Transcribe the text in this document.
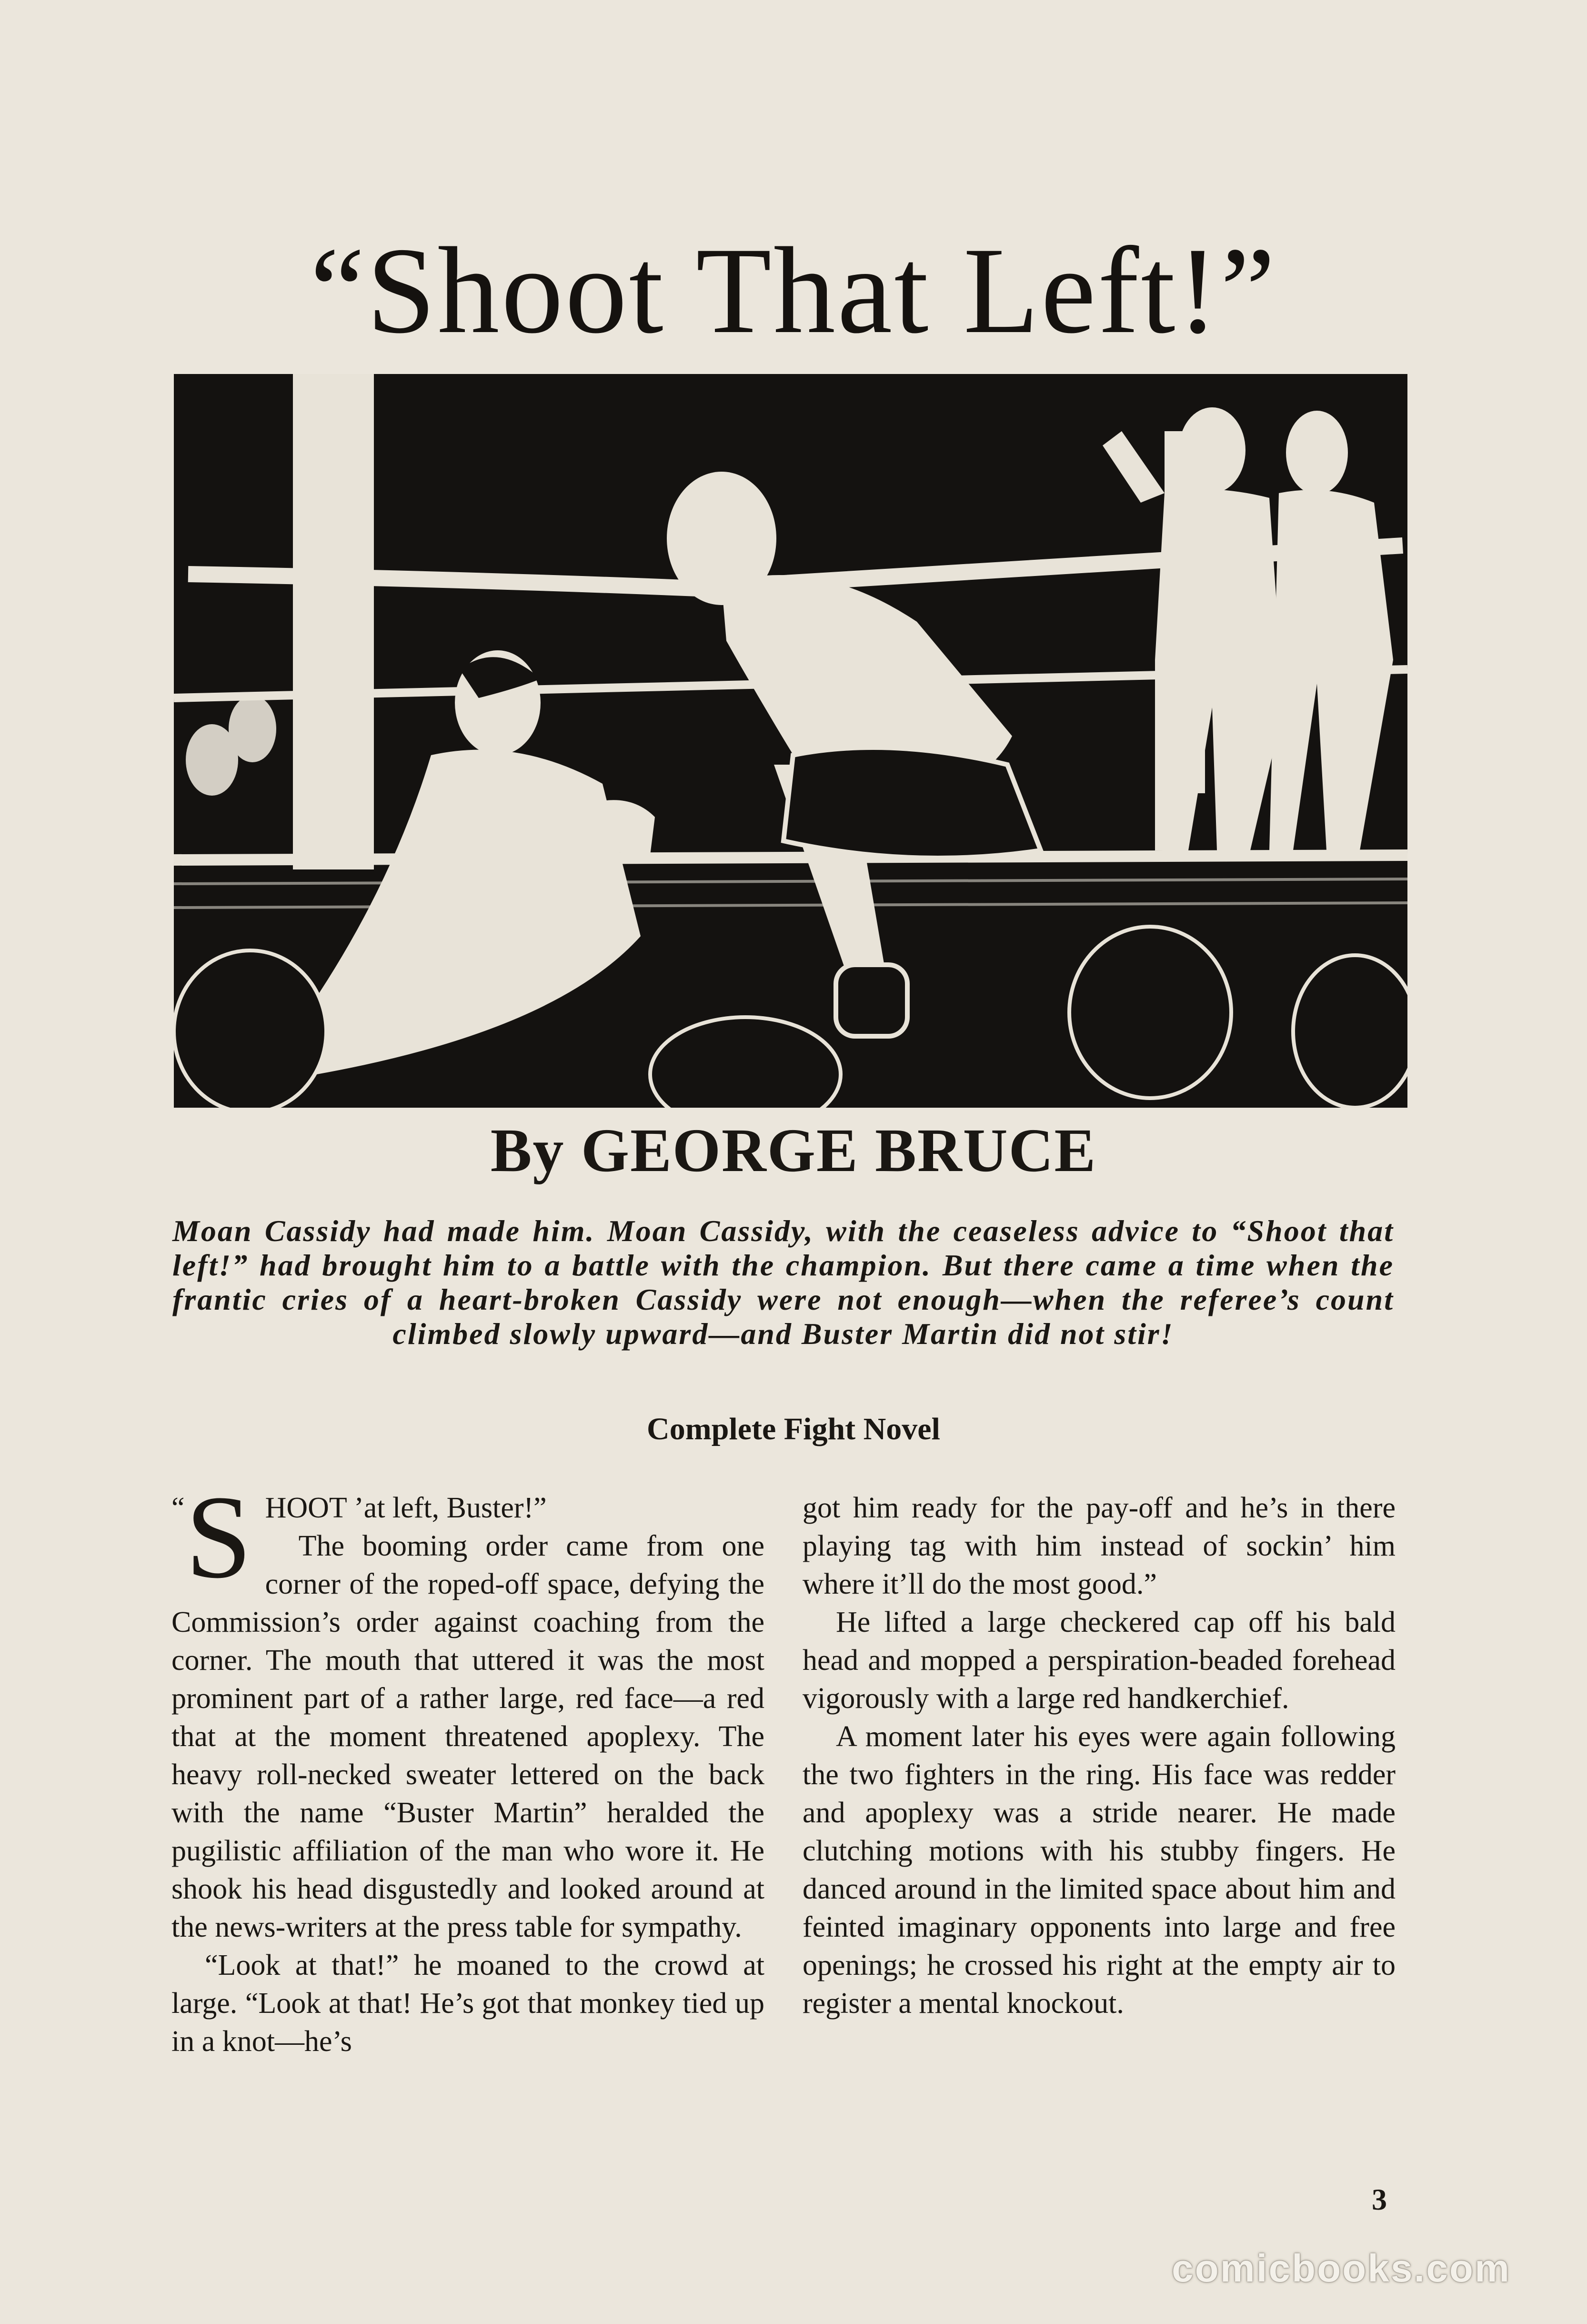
“Shoot That Left!”
By GEORGE BRUCE
Moan Cassidy had made him. Moan Cassidy, with the ceaseless advice to “Shoot that left!” had brought him to a battle with the champion. But there came a time when the frantic cries of a heart-broken Cassidy were not enough—when the referee’s count climbed slowly upward—and Buster Martin did not stir!
Complete Fight Novel

“ S HOOT ’at left, Buster!”

The booming order came from one corner of the roped-off space, defying the Commission’s order against coaching from the corner. The mouth that uttered it was the most prominent part of a rather large, red face—a red that at the moment threatened apoplexy. The heavy roll-necked sweater lettered on the back with the name “Buster Martin” heralded the pugilistic affiliation of the man who wore it. He shook his head disgustedly and looked around at the news-writers at the press table for sympathy.

“Look at that!” he moaned to the crowd at large. “Look at that! He’s got that monkey tied up in a knot—he’s

got him ready for the pay-off and he’s in there playing tag with him instead of sockin’ him where it’ll do the most good.”

He lifted a large checkered cap off his bald head and mopped a perspiration-beaded forehead vigorously with a large red handkerchief.

A moment later his eyes were again following the two fighters in the ring. His face was redder and apoplexy was a stride nearer. He made clutching motions with his stubby fingers. He danced around in the limited space about him and feinted imaginary opponents into large and free openings; he crossed his right at the empty air to register a mental knockout.

3
comicbooks.com
